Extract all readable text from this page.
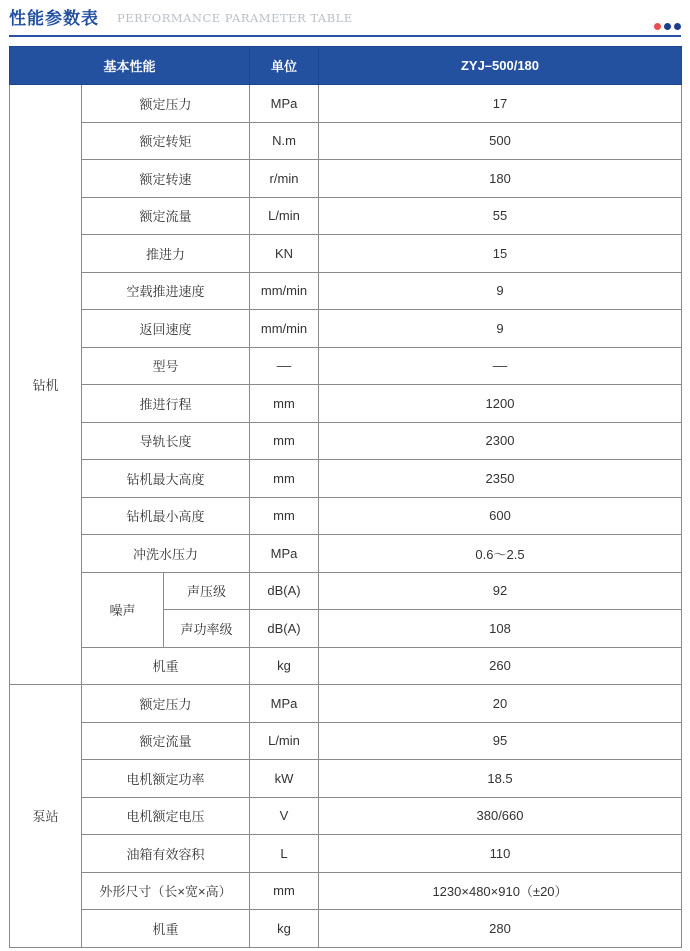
性能参数表 PERFORMANCE PARAMETER TABLE
基本性能			单位	ZYJ–500/180
钻机	额定压力		MPa	17
	额定转矩		N.m	500
	额定转速		r/min	180
	额定流量		L/min	55
	推进力		KN	15
	空载推进速度		mm/min	9
	返回速度		mm/min	9
	型号		––	––
	推进行程		mm	1200
	导轨长度		mm	2300
	钻机最大高度		mm	2350
	钻机最小高度		mm	600
	冲洗水压力		MPa	0.6～2.5
	噪声	声压级	dB(A)	92
		声功率级	dB(A)	108
	机重		kg	260
泵站	额定压力		MPa	20
	额定流量		L/min	95
	电机额定功率		kW	18.5
	电机额定电压		V	380/660
	油箱有效容积		L	110
	外形尺寸（长×宽×高）		mm	1230×480×910（±20）
	机重		kg	280
